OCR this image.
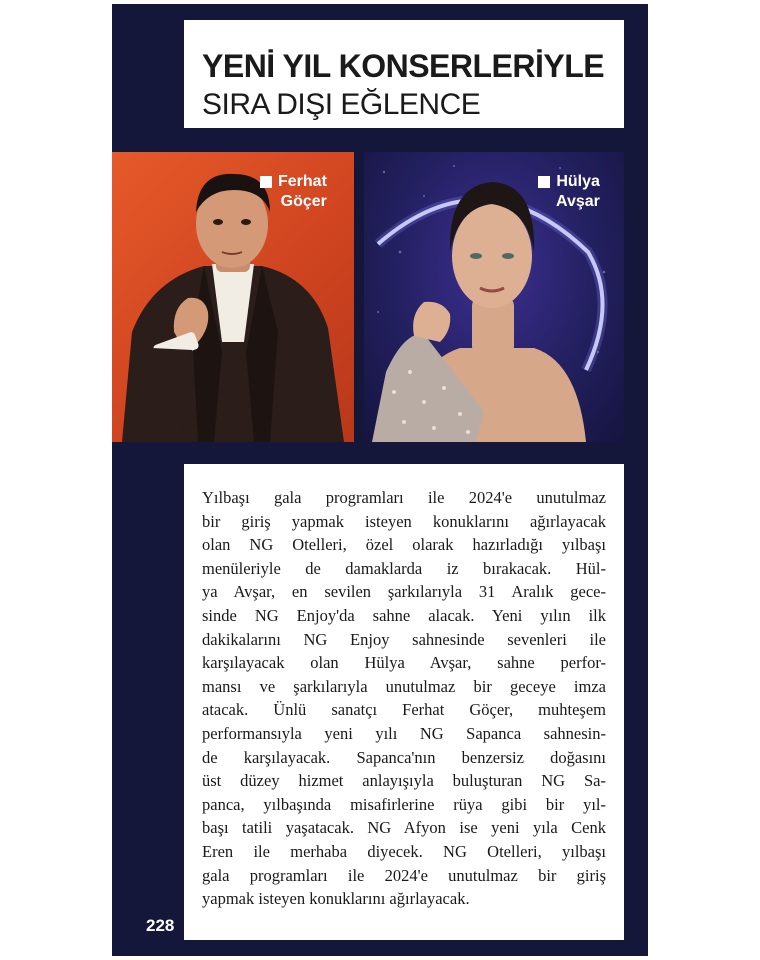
YENİ YIL KONSERLERİYLE
SIRA DIŞI EĞLENCE
Ferhat
Göçer
Hülya
Avşar

Yılbaşı gala programları ile 2024'e unutulmaz
bir giriş yapmak isteyen konuklarını ağırlayacak
olan NG Otelleri, özel olarak hazırladığı yılbaşı
menüleriyle de damaklarda iz bırakacak. Hül-
ya Avşar, en sevilen şarkılarıyla 31 Aralık gece-
sinde NG Enjoy'da sahne alacak. Yeni yılın ilk
dakikalarını NG Enjoy sahnesinde sevenleri ile
karşılayacak olan Hülya Avşar, sahne perfor-
mansı ve şarkılarıyla unutulmaz bir geceye imza
atacak. Ünlü sanatçı Ferhat Göçer, muhteşem
performansıyla yeni yılı NG Sapanca sahnesin-
de karşılayacak. Sapanca'nın benzersiz doğasını
üst düzey hizmet anlayışıyla buluşturan NG Sa-
panca, yılbaşında misafirlerine rüya gibi bir yıl-
başı tatili yaşatacak. NG Afyon ise yeni yıla Cenk
Eren ile merhaba diyecek. NG Otelleri, yılbaşı
gala programları ile 2024'e unutulmaz bir giriş
yapmak isteyen konuklarını ağırlayacak.

228
